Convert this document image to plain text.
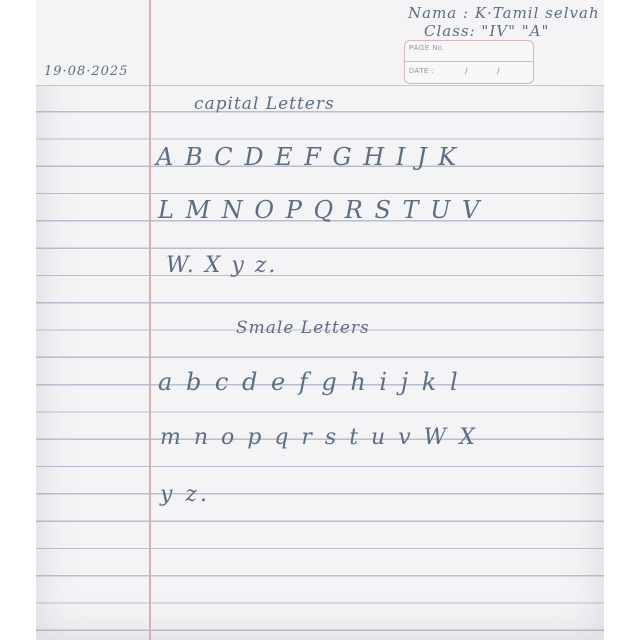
Nama : K·Tamil selvah
Class: "IV" "A"
PAGE No.
DATE :	/	/
19·08·2025
capital Letters
A B C D E F G H I J K
L M N O P Q R S T U V
W. X y z.
Smale Letters
a b c d e f g h i j k l
m n o p q r s t u v W X
y z.
